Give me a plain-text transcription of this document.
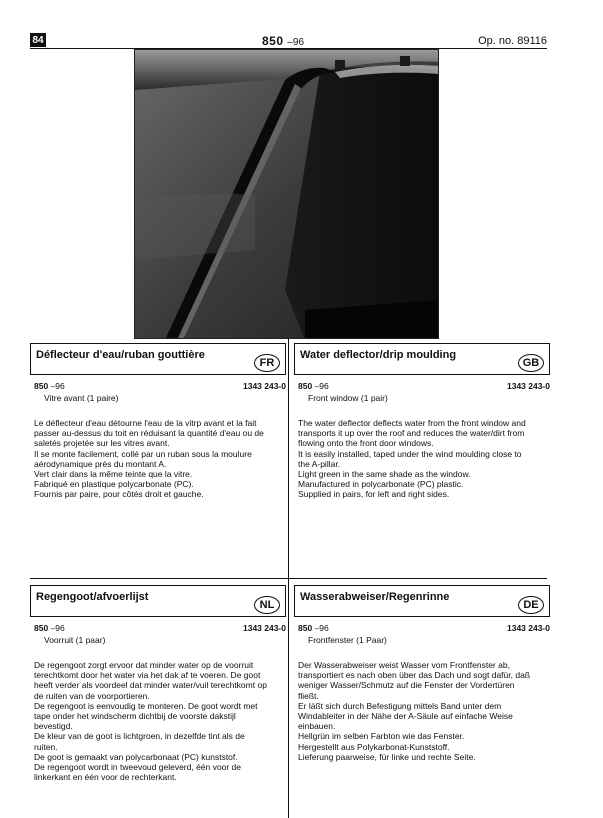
84	850 –96	Op. no. 89116
Déflecteur d'eau/ruban gouttière
FR
850 –96	1343 243-0
Vitre avant (1 paire)

Le déflecteur d'eau détourne l'eau de la vitrp avant et la fait

passer au-dessus du toit en réduisant la quantité d'eau ou de

saletés projetée sur les vitres avant.

Il se monte facilement, collé par un ruban sous la moulure

aérodynamique près du montant A.

Vert clair dans la même teinte que la vitre.

Fabriqué en plastique polycarbonate (PC).

Fournis par paire, pour côtés droit et gauche.

Water deflector/drip moulding
GB
850 –96	1343 243-0
Front window (1 pair)

The water deflector deflects water from the front window and

transports it up over the roof and reduces the water/dirt from

flowing onto the front door windows.

It is easily installed, taped under the wind moulding close to

the A-pillar.

Light green in the same shade as the window.

Manufactured in polycarbonate (PC) plastic.

Supplied in pairs, for left and right sides.

Regengoot/afvoerlijst
NL
850 –96	1343 243-0
Voorruit (1 paar)

De regengoot zorgt ervoor dat minder water op de voorruit

terechtkomt door het water via het dak af te voeren. De goot

heeft verder als voordeel dat minder water/vuil terechtkomt op

de ruiten van de voorportieren.

De regengoot is eenvoudig te monteren. De goot wordt met

tape onder het windscherm dichtbij de voorste dakstijl

bevestigd.

De kleur van de goot is lichtgroen, in dezelfde tint als de

ruiten.

De goot is gemaakt van polycarbonaat (PC) kunststof.

De regengoot wordt in tweevoud geleverd, één voor de

linkerkant en één voor de rechterkant.

Wasserabweiser/Regenrinne
DE
850 –96	1343 243-0
Frontfenster (1 Paar)

Der Wasserabweiser weist Wasser vom Frontfenster ab,

transportiert es nach oben über das Dach und sogt dafür, daß

weniger Wasser/Schmutz auf die Fenster der Vordertüren

fließt.

Er läßt sich durch Befestigung mittels Band unter dem

Windableiter in der Nähe der A-Säule auf einfache Weise

einbauen.

Hellgrün im selben Farbton wie das Fenster.

Hergestellt aus Polykarbonat-Kunststoff.

Lieferung paarweise, für linke und rechte Seite.
